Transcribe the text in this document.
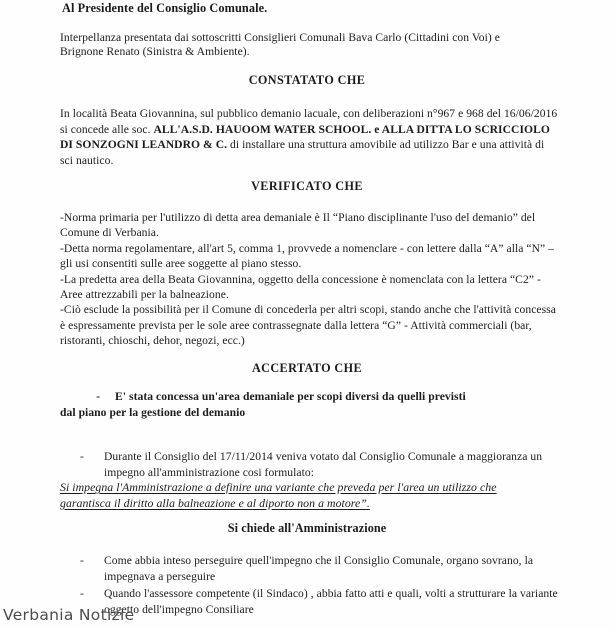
Al Presidente del Consiglio Comunale.
Interpellanza presentata dai sottoscritti Consiglieri Comunali Bava Carlo (Cittadini con Voi) e
Brignone Renato (Sinistra & Ambiente).
CONSTATATO CHE
In località Beata Giovannina, sul pubblico demanio lacuale, con deliberazioni n°967 e 968 del 16/06/2016 si concede alle soc. ALL'A.S.D. HAUOOM WATER SCHOOL. e ALLA DITTA LO SCRICCIOLO DI SONZOGNI LEANDRO & C. di installare una struttura amovibile ad utilizzo Bar e una attività di sci nautico.
VERIFICATO CHE
-Norma primaria per l'utilizzo di detta area demaniale è Il “Piano disciplinante l'uso del demanio” del Comune di Verbania.
-Detta norma regolamentare, all'art 5, comma 1, provvede a nomenclare - con lettere dalla “A” alla “N” – gli usi consentiti sulle aree soggette al piano stesso.
-La predetta area della Beata Giovannina, oggetto della concessione è nomenclata con la lettera “C2” - Aree attrezzabili per la balneazione.
-Ciò esclude la possibilità per il Comune di concederla per altri scopi, stando anche che l'attività concessa è espressamente prevista per le sole aree contrassegnate dalla lettera “G” - Attività commerciali (bar, ristoranti, chioschi, dehor, negozi, ecc.)
ACCERTATO CHE
-	E' stata concessa un'area demaniale per scopi diversi da quelli previsti
dal piano per la gestione del demanio
-	Durante il Consiglio del 17/11/2014 veniva votato dal Consiglio Comunale a maggioranza un impegno all'amministrazione cosi formulato:
Si impegna l'Amministrazione a definire una variante che preveda per l'area un utilizzo che garantisca il diritto alla balneazione e al diporto non a motore”.
Si chiede all'Amministrazione
-	Come abbia inteso perseguire quell'impegno che il Consiglio Comunale, organo sovrano, la impegnava a perseguire
-	Quando l'assessore competente (il Sindaco) , abbia fatto atti e quali, volti a strutturare la variante oggetto dell'impegno Consiliare
Verbania Notizie
